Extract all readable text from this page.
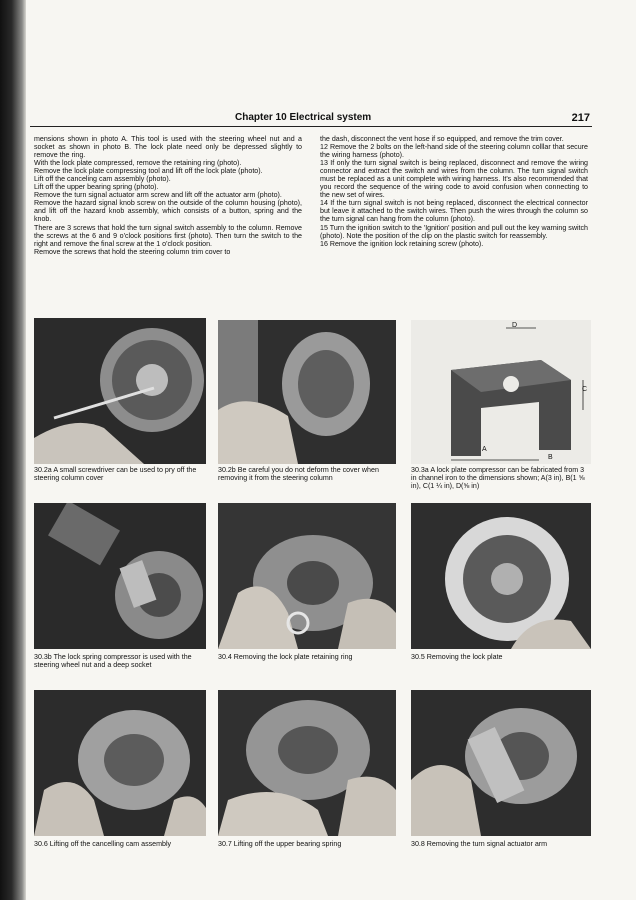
Chapter 10 Electrical system	217

mensions shown in photo A. This tool is used with the steering wheel nut and a socket as shown in photo B. The lock plate need only be depressed slightly to remove the ring.

With the lock plate compressed, remove the retaining ring (photo).

Remove the lock plate compressing tool and lift off the lock plate (photo).

Lift off the canceling cam assembly (photo).

Lift off the upper bearing spring (photo).

Remove the turn signal actuator arm screw and lift off the actuator arm (photo).

Remove the hazard signal knob screw on the outside of the column housing (photo), and lift off the hazard knob assembly, which consists of a button, spring and the knob.

There are 3 screws that hold the turn signal switch assembly to the column. Remove the screws at the 6 and 9 o'clock positions first (photo). Then turn the switch to the right and remove the final screw at the 1 o'clock position.

Remove the screws that hold the steering column trim cover to

the dash, disconnect the vent hose if so equipped, and remove the trim cover.

12 Remove the 2 bolts on the left-hand side of the steering column colllar that secure the wiring harness (photo).

13 If only the turn signal switch is being replaced, disconnect and remove the wiring connector and extract the switch and wires from the column. The turn signal switch must be replaced as a unit complete with wiring harness. It's also recommended that you record the sequence of the wiring code to avoid confusion when connecting to the new set of wires.

14 If the turn signal switch is not being replaced, disconnect the electrical connector but leave it attached to the switch wires. Then push the wires through the column so the turn signal can hang from the column (photo).

15 Turn the ignition switch to the 'Ignition' position and pull out the key warning switch (photo). Note the position of the clip on the plastic switch for reassembly.

16 Remove the ignition lock retaining screw (photo).

D
C
A
B
30.2a A small screwdriver can be used to pry off the steering column cover
30.2b Be careful you do not deform the cover when removing it from the steering column
30.3a A lock plate compressor can be fabricated from 3 in channel iron to the dimensions shown; A(3 in), B(1 ⅝ in), C(1 ¼ in), D(⅝ in)
30.3b The lock spring compressor is used with the steering wheel nut and a deep socket
30.4 Removing the lock plate retaining ring	30.5 Removing the lock plate
30.6 Lifting off the cancelling cam assembly	30.7 Lifting off the upper bearing spring	30.8 Removing the turn signal actuator arm
